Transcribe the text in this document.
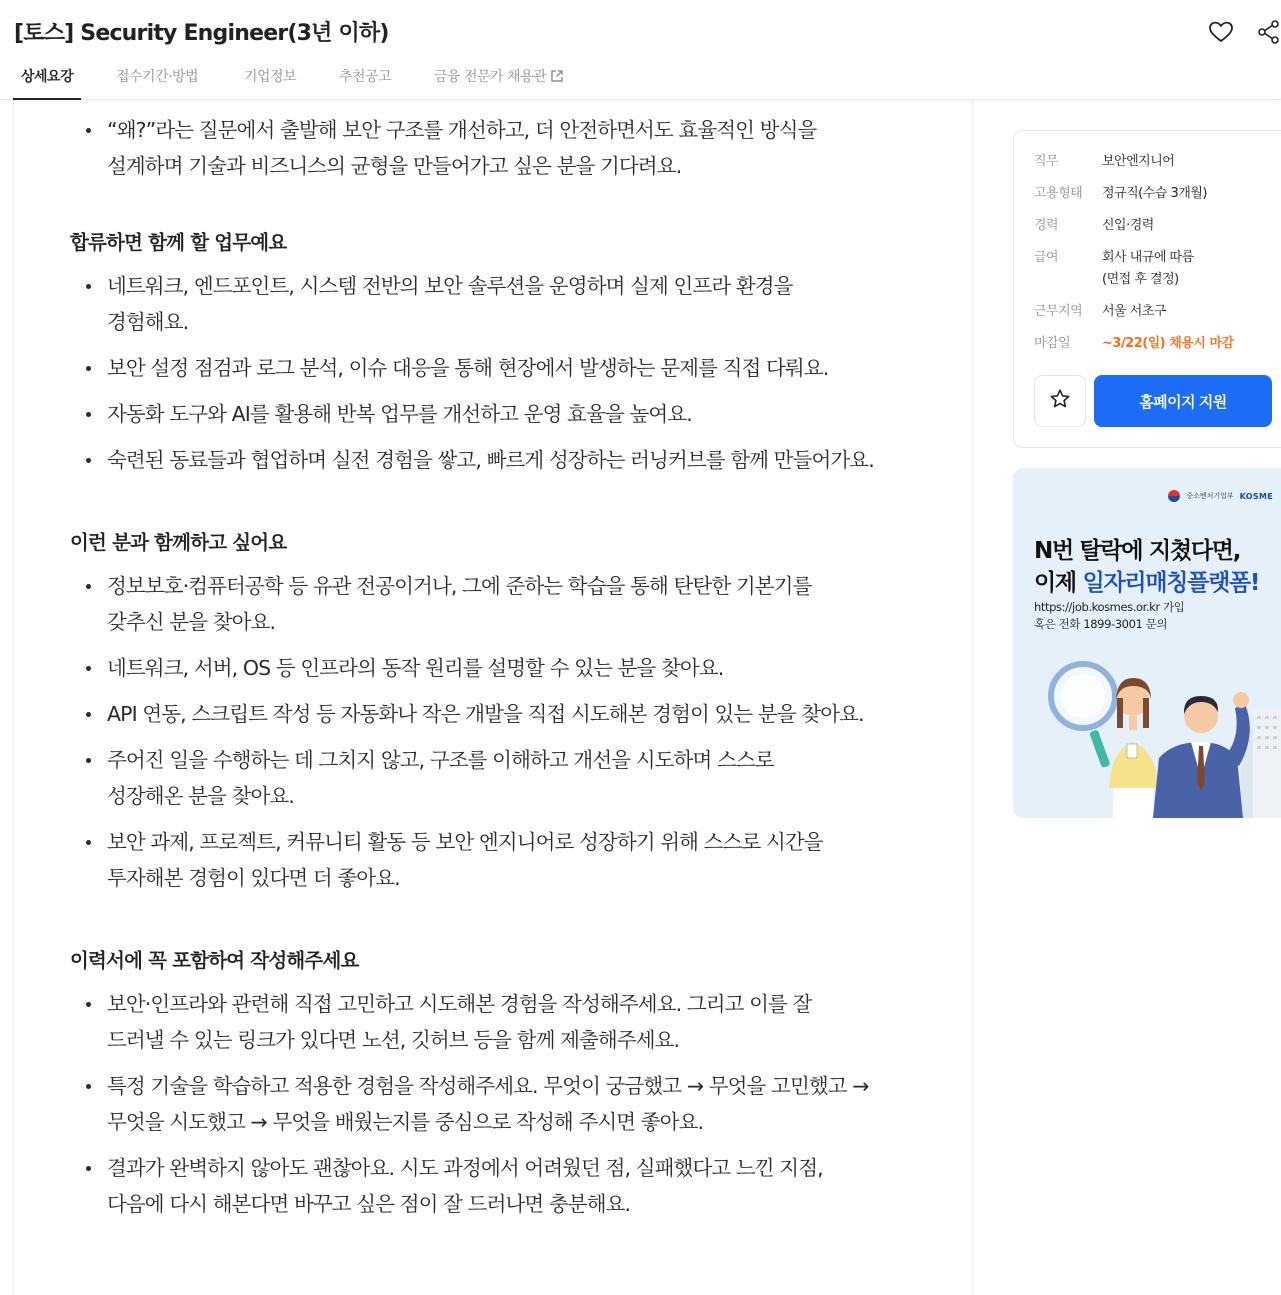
[토스] Security Engineer(3년 이하)
상세요강	접수기간·방법	기업정보	추천공고	금융 전문가 채용관
“왜?”라는 질문에서 출발해 보안 구조를 개선하고, 더 안전하면서도 효율적인 방식을
설계하며 기술과 비즈니스의 균형을 만들어가고 싶은 분을 기다려요.
합류하면 함께 할 업무예요
네트워크, 엔드포인트, 시스템 전반의 보안 솔루션을 운영하며 실제 인프라 환경을
경험해요.
보안 설정 점검과 로그 분석, 이슈 대응을 통해 현장에서 발생하는 문제를 직접 다뤄요.
자동화 도구와 AI를 활용해 반복 업무를 개선하고 운영 효율을 높여요.
숙련된 동료들과 협업하며 실전 경험을 쌓고, 빠르게 성장하는 러닝커브를 함께 만들어가요.
이런 분과 함께하고 싶어요
정보보호·컴퓨터공학 등 유관 전공이거나, 그에 준하는 학습을 통해 탄탄한 기본기를
갖추신 분을 찾아요.
네트워크, 서버, OS 등 인프라의 동작 원리를 설명할 수 있는 분을 찾아요.
API 연동, 스크립트 작성 등 자동화나 작은 개발을 직접 시도해본 경험이 있는 분을 찾아요.
주어진 일을 수행하는 데 그치지 않고, 구조를 이해하고 개선을 시도하며 스스로
성장해온 분을 찾아요.
보안 과제, 프로젝트, 커뮤니티 활동 등 보안 엔지니어로 성장하기 위해 스스로 시간을
투자해본 경험이 있다면 더 좋아요.
이력서에 꼭 포함하여 작성해주세요
보안·인프라와 관련해 직접 고민하고 시도해본 경험을 작성해주세요. 그리고 이를 잘
드러낼 수 있는 링크가 있다면 노션, 깃허브 등을 함께 제출해주세요.
특정 기술을 학습하고 적용한 경험을 작성해주세요. 무엇이 궁금했고 → 무엇을 고민했고 →
무엇을 시도했고 → 무엇을 배웠는지를 중심으로 작성해 주시면 좋아요.
결과가 완벽하지 않아도 괜찮아요. 시도 과정에서 어려웠던 점, 실패했다고 느낀 지점,
다음에 다시 해본다면 바꾸고 싶은 점이 잘 드러나면 충분해요.
직무	보안엔지니어
고용형태	정규직(수습 3개월)
경력	신입·경력
급여	회사 내규에 따름
(면접 후 결정)
근무지역	서울 서초구
마감일	~3/22(일) 채용시 마감
홈페이지 지원
중소벤처기업부 KOSME
N번 탈락에 지쳤다면,
이제 일자리매칭플랫폼!
https://job.kosmes.or.kr 가입
혹은 전화 1899-3001 문의
